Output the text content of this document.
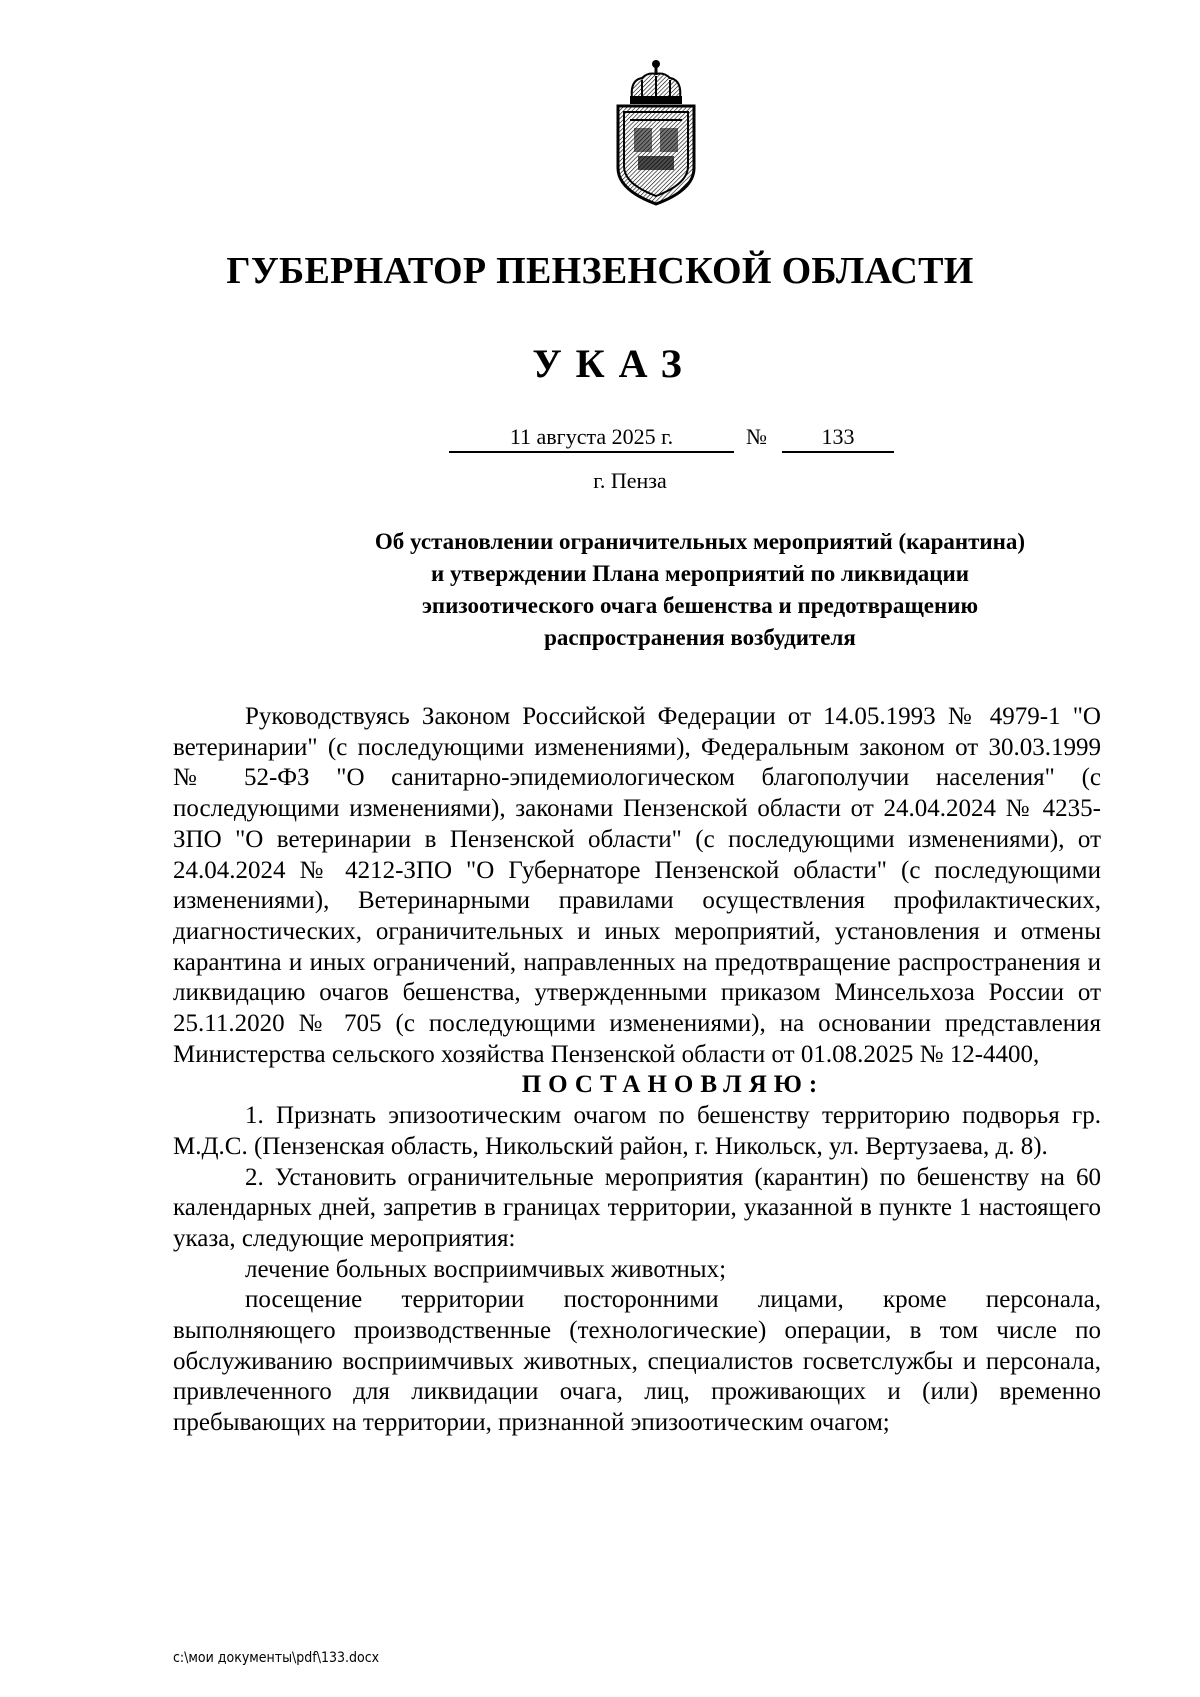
ГУБЕРНАТОР ПЕНЗЕНСКОЙ ОБЛАСТИ
УКАЗ
11 августа 2025 г.	№	133
г. Пенза
Об установлении ограничительных мероприятий (карантина)
и утверждении Плана мероприятий по ликвидации
эпизоотического очага бешенства и предотвращению
распространения возбудителя

Руководствуясь Законом Российской Федерации от 14.05.1993 № 4979-1 "О ветеринарии" (с последующими изменениями), Федеральным законом от 30.03.1999 № 52-ФЗ "О санитарно-эпидемиологическом благополучии населения" (с последующими изменениями), законами Пензенской области от 24.04.2024 № 4235-ЗПО "О ветеринарии в Пензенской области" (с последующими изменениями), от 24.04.2024 № 4212-ЗПО "О Губернаторе Пензенской области" (с последующими изменениями), Ветеринарными правилами осуществления профилактических, диагностических, ограничительных и иных мероприятий, установления и отмены карантина и иных ограничений, направленных на предотвращение распространения и ликвидацию очагов бешенства, утвержденными приказом Минсельхоза России от 25.11.2020 № 705 (с последующими изменениями), на основании представления Министерства сельского хозяйства Пензенской области от 01.08.2025 № 12-4400,

ПОСТАНОВЛЯЮ:

1. Признать эпизоотическим очагом по бешенству территорию подворья гр. М.Д.С. (Пензенская область, Никольский район, г. Никольск, ул. Вертузаева, д. 8).

2. Установить ограничительные мероприятия (карантин) по бешенству на 60 календарных дней, запретив в границах территории, указанной в пункте 1 настоящего указа, следующие мероприятия:

лечение больных восприимчивых животных;

посещение территории посторонними лицами, кроме персонала, выполняющего производственные (технологические) операции, в том числе по обслуживанию восприимчивых животных, специалистов госветслужбы и персонала, привлеченного для ликвидации очага, лиц, проживающих и (или) временно пребывающих на территории, признанной эпизоотическим очагом;

c:\мои документы\pdf\133.docx
